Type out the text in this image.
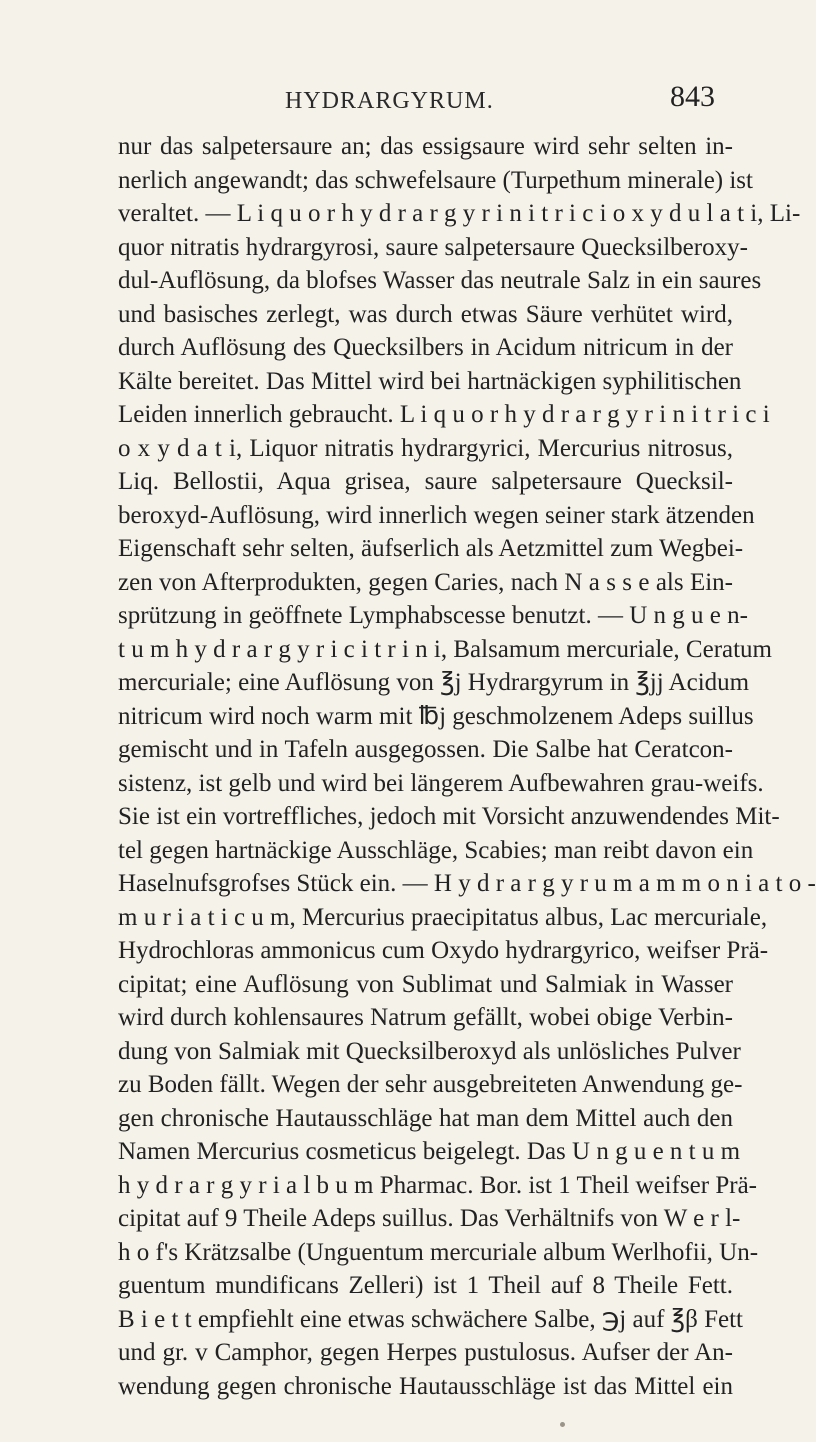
HYDRARGYRUM.	843
nur das salpetersaure an; das essigsaure wird sehr selten in-
nerlich angewandt; das schwefelsaure (Turpethum minerale) ist
veraltet. — L i q u o r h y d r a r g y r i n i t r i c i o x y d u l a t i, Li-
quor nitratis hydrargyrosi, saure salpetersaure Quecksilberoxy-
dul-Auflösung, da blofses Wasser das neutrale Salz in ein saures
und basisches zerlegt, was durch etwas Säure verhütet wird,
durch Auflösung des Quecksilbers in Acidum nitricum in der
Kälte bereitet. Das Mittel wird bei hartnäckigen syphilitischen
Leiden innerlich gebraucht. L i q u o r h y d r a r g y r i n i t r i c i
o x y d a t i, Liquor nitratis hydrargyrici, Mercurius nitrosus,
Liq. Bellostii, Aqua grisea, saure salpetersaure Quecksil-
beroxyd-Auflösung, wird innerlich wegen seiner stark ätzenden
Eigenschaft sehr selten, äufserlich als Aetzmittel zum Wegbei-
zen von Afterprodukten, gegen Caries, nach N a s s e als Ein-
sprützung in geöffnete Lymphabscesse benutzt. — U n g u e n-
t u m h y d r a r g y r i c i t r i n i, Balsamum mercuriale, Ceratum
mercuriale; eine Auflösung von ℥j Hydrargyrum in ℥jj Acidum
nitricum wird noch warm mit ℔j geschmolzenem Adeps suillus
gemischt und in Tafeln ausgegossen. Die Salbe hat Ceratcon-
sistenz, ist gelb und wird bei längerem Aufbewahren grau-weifs.
Sie ist ein vortreffliches, jedoch mit Vorsicht anzuwendendes Mit-
tel gegen hartnäckige Ausschläge, Scabies; man reibt davon ein
Haselnufsgrofses Stück ein. — H y d r a r g y r u m a m m o n i a t o -
m u r i a t i c u m, Mercurius praecipitatus albus, Lac mercuriale,
Hydrochloras ammonicus cum Oxydo hydrargyrico, weifser Prä-
cipitat; eine Auflösung von Sublimat und Salmiak in Wasser
wird durch kohlensaures Natrum gefällt, wobei obige Verbin-
dung von Salmiak mit Quecksilberoxyd als unlösliches Pulver
zu Boden fällt. Wegen der sehr ausgebreiteten Anwendung ge-
gen chronische Hautausschläge hat man dem Mittel auch den
Namen Mercurius cosmeticus beigelegt. Das U n g u e n t u m
h y d r a r g y r i a l b u m Pharmac. Bor. ist 1 Theil weifser Prä-
cipitat auf 9 Theile Adeps suillus. Das Verhältnifs von W e r l-
h o f's Krätzsalbe (Unguentum mercuriale album Werlhofii, Un-
guentum mundificans Zelleri) ist 1 Theil auf 8 Theile Fett.
B i e t t empfiehlt eine etwas schwächere Salbe, ℈j auf ℥β Fett
und gr. v Camphor, gegen Herpes pustulosus. Aufser der An-
wendung gegen chronische Hautausschläge ist das Mittel ein
